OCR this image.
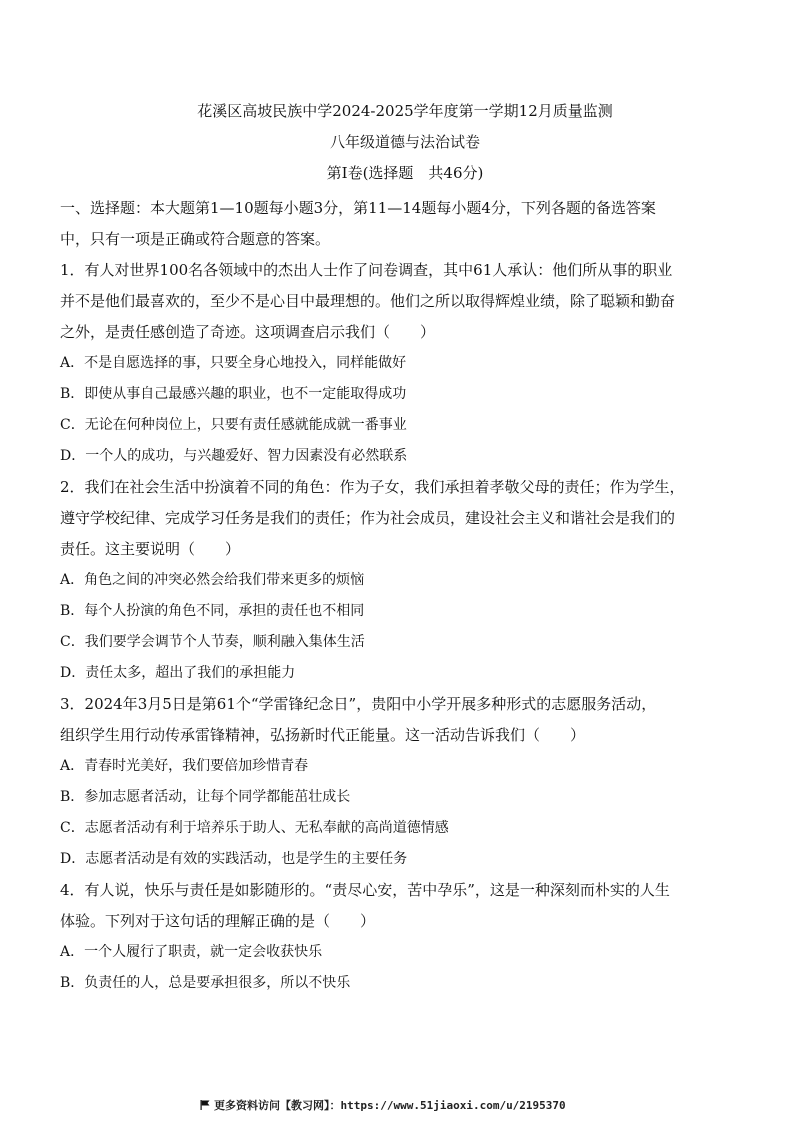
花溪区高坡民族中学2024-2025学年度第一学期12月质量监测
八年级道德与法治试卷
第Ⅰ卷(选择题　共46分)

一、选择题：本大题第1—10题每小题3分，第11—14题每小题4分，下列各题的备选答案

中，只有一项是正确或符合题意的答案。

1．有人对世界100名各领域中的杰出人士作了问卷调查，其中61人承认：他们所从事的职业

并不是他们最喜欢的，至少不是心目中最理想的。他们之所以取得辉煌业绩，除了聪颖和勤奋

之外，是责任感创造了奇迹。这项调查启示我们（　　）

A．不是自愿选择的事，只要全身心地投入，同样能做好

B．即使从事自己最感兴趣的职业，也不一定能取得成功

C．无论在何种岗位上，只要有责任感就能成就一番事业

D．一个人的成功，与兴趣爱好、智力因素没有必然联系

2．我们在社会生活中扮演着不同的角色：作为子女，我们承担着孝敬父母的责任；作为学生，

遵守学校纪律、完成学习任务是我们的责任；作为社会成员，建设社会主义和谐社会是我们的

责任。这主要说明（　　）

A．角色之间的冲突必然会给我们带来更多的烦恼

B．每个人扮演的角色不同，承担的责任也不相同

C．我们要学会调节个人节奏，顺利融入集体生活

D．责任太多，超出了我们的承担能力

3．2024年3月5日是第61个“学雷锋纪念日”，贵阳中小学开展多种形式的志愿服务活动，

组织学生用行动传承雷锋精神，弘扬新时代正能量。这一活动告诉我们（　　）

A．青春时光美好，我们要倍加珍惜青春

B．参加志愿者活动，让每个同学都能茁壮成长

C．志愿者活动有利于培养乐于助人、无私奉献的高尚道德情感

D．志愿者活动是有效的实践活动，也是学生的主要任务

4．有人说，快乐与责任是如影随形的。“责尽心安，苦中孕乐”，这是一种深刻而朴实的人生

体验。下列对于这句话的理解正确的是（　　）

A．一个人履行了职责，就一定会收获快乐

B．负责任的人，总是要承担很多，所以不快乐

更多资料访问【教习网】：https://www.51jiaoxi.com/u/2195370
